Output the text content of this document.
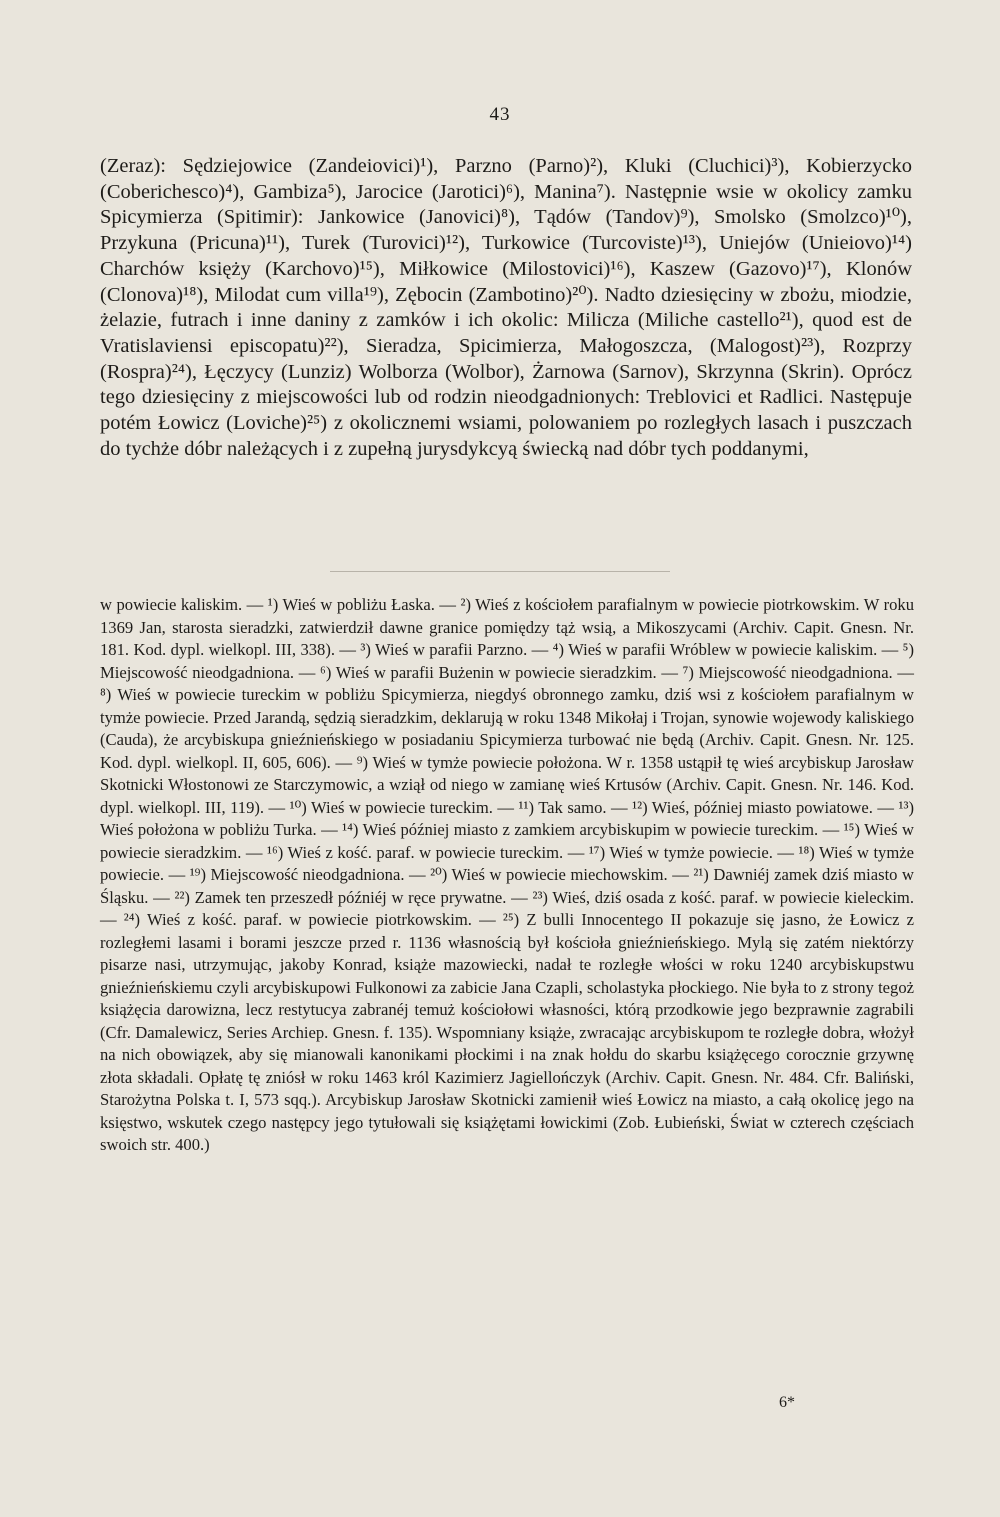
43

(Zeraz): Sędziejowice (Zandeiovici)¹), Parzno (Parno)²), Kluki (Cluchici)³), Kobierzycko (Coberichesco)⁴), Gambiza⁵), Jarocice (Jarotici)⁶), Manina⁷). Następnie wsie w okolicy zamku Spicymierza (Spitimir): Jankowice (Janovici)⁸), Tądów (Tandov)⁹), Smolsko (Smolzco)¹⁰), Przykuna (Pricuna)¹¹), Turek (Turovici)¹²), Turkowice (Turcoviste)¹³), Uniejów (Unieiovo)¹⁴) Charchów księży (Karchovo)¹⁵), Miłkowice (Milostovici)¹⁶), Kaszew (Gazovo)¹⁷), Klonów (Clonova)¹⁸), Milodat cum villa¹⁹), Zębocin (Zambotino)²⁰). Nadto dziesięciny w zbożu, miodzie, żelazie, futrach i inne daniny z zamków i ich okolic: Milicza (Miliche castello²¹), quod est de Vratislaviensi episcopatu)²²), Sieradza, Spicimierza, Małogoszcza, (Malogost)²³), Rozprzy (Rospra)²⁴), Łęczycy (Lunziz) Wolborza (Wolbor), Żarnowa (Sarnov), Skrzynna (Skrin). Oprócz tego dziesięciny z miejscowości lub od rodzin nieodgadnionych: Treblovici et Radlici. Następuje potém Łowicz (Loviche)²⁵) z okolicznemi wsiami, polowaniem po rozległych lasach i puszczach do tychże dóbr należących i z zupełną jurysdykcyą świecką nad dóbr tych poddanymi,

w powiecie kaliskim. — ¹) Wieś w pobliżu Łaska. — ²) Wieś z kościołem parafialnym w powiecie piotrkowskim. W roku 1369 Jan, starosta sieradzki, zatwierdził dawne granice pomiędzy tąż wsią, a Mikoszycami (Archiv. Capit. Gnesn. Nr. 181. Kod. dypl. wielkopl. III, 338). — ³) Wieś w parafii Parzno. — ⁴) Wieś w parafii Wróblew w powiecie kaliskim. — ⁵) Miejscowość nieodgadniona. — ⁶) Wieś w parafii Bużenin w powiecie sieradzkim. — ⁷) Miejscowość nieodgadniona. — ⁸) Wieś w powiecie tureckim w pobliżu Spicymierza, niegdyś obronnego zamku, dziś wsi z kościołem parafialnym w tymże powiecie. Przed Jarandą, sędzią sieradzkim, deklarują w roku 1348 Mikołaj i Trojan, synowie wojewody kaliskiego (Cauda), że arcybiskupa gnieźnieńskiego w posiadaniu Spicymierza turbować nie będą (Archiv. Capit. Gnesn. Nr. 125. Kod. dypl. wielkopl. II, 605, 606). — ⁹) Wieś w tymże powiecie położona. W r. 1358 ustąpił tę wieś arcybiskup Jarosław Skotnicki Włostonowi ze Starczymowic, a wziął od niego w zamianę wieś Krtusów (Archiv. Capit. Gnesn. Nr. 146. Kod. dypl. wielkopl. III, 119). — ¹⁰) Wieś w powiecie tureckim. — ¹¹) Tak samo. — ¹²) Wieś, później miasto powiatowe. — ¹³) Wieś położona w pobliżu Turka. — ¹⁴) Wieś później miasto z zamkiem arcybiskupim w powiecie tureckim. — ¹⁵) Wieś w powiecie sieradzkim. — ¹⁶) Wieś z kość. paraf. w powiecie tureckim. — ¹⁷) Wieś w tymże powiecie. — ¹⁸) Wieś w tymże powiecie. — ¹⁹) Miejscowość nieodgadniona. — ²⁰) Wieś w powiecie miechowskim. — ²¹) Dawniéj zamek dziś miasto w Śląsku. — ²²) Zamek ten przeszedł późniéj w ręce prywatne. — ²³) Wieś, dziś osada z kość. paraf. w powiecie kieleckim. — ²⁴) Wieś z kość. paraf. w powiecie piotrkowskim. — ²⁵) Z bulli Innocentego II pokazuje się jasno, że Łowicz z rozległemi lasami i borami jeszcze przed r. 1136 własnością był kościoła gnieźnieńskiego. Mylą się zatém niektórzy pisarze nasi, utrzymując, jakoby Konrad, książe mazowiecki, nadał te rozległe włości w roku 1240 arcybiskupstwu gnieźnieńskiemu czyli arcybiskupowi Fulkonowi za zabicie Jana Czapli, scholastyka płockiego. Nie była to z strony tegoż książęcia darowizna, lecz restytucya zabranéj temuż kościołowi własności, którą przodkowie jego bezprawnie zagrabili (Cfr. Damalewicz, Series Archiep. Gnesn. f. 135). Wspomniany książe, zwracając arcybiskupom te rozległe dobra, włożył na nich obowiązek, aby się mianowali kanonikami płockimi i na znak hołdu do skarbu książęcego corocznie grzywnę złota składali. Opłatę tę zniósł w roku 1463 król Kazimierz Jagiellończyk (Archiv. Capit. Gnesn. Nr. 484. Cfr. Baliński, Starożytna Polska t. I, 573 sqq.). Arcybiskup Jarosław Skotnicki zamienił wieś Łowicz na miasto, a całą okolicę jego na księstwo, wskutek czego następcy jego tytułowali się książętami łowickimi (Zob. Łubieński, Świat w czterech częściach swoich str. 400.)

6*
